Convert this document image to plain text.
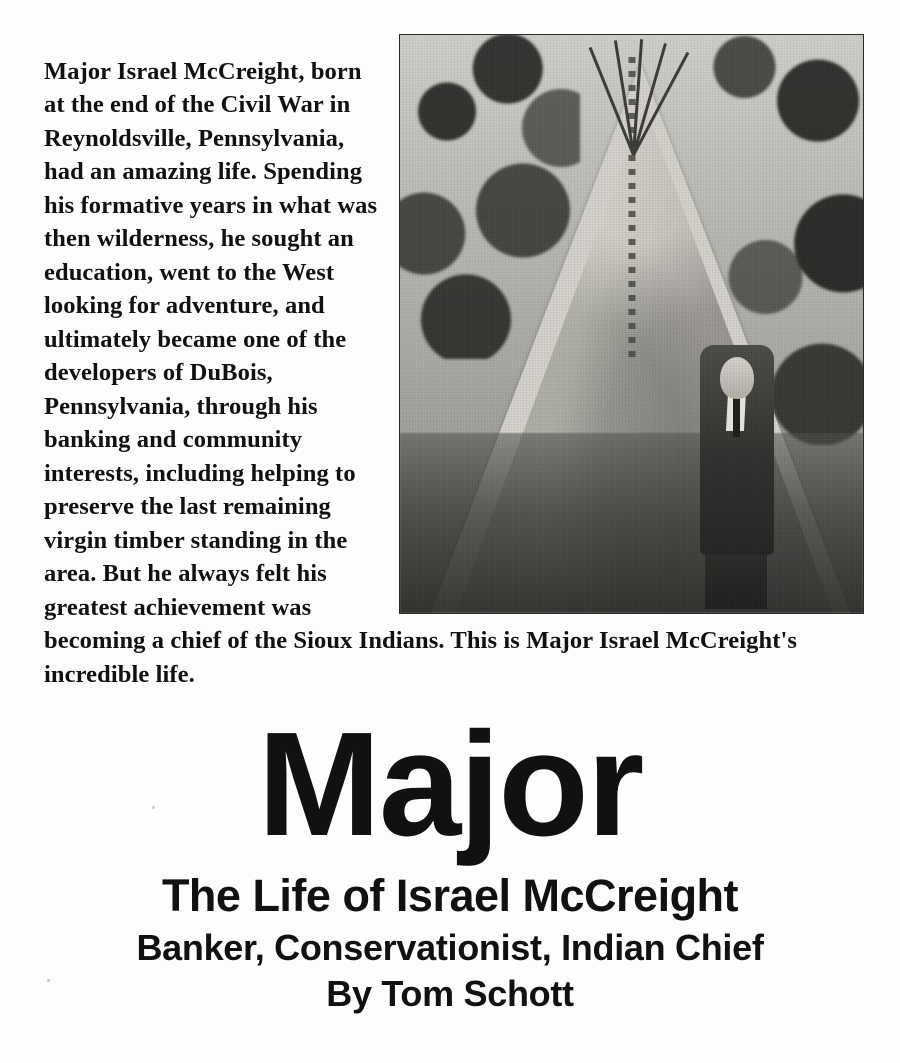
Major Israel McCreight, born at the end of the Civil War in Reynoldsville, Pennsylvania, had an amazing life. Spending his formative years in what was then wilderness, he sought an education, went to the West looking for adventure, and ultimately became one of the developers of DuBois, Pennsylvania, through his banking and community interests, including helping to preserve the last remaining virgin timber standing in the area. But he always felt his greatest achievement was becoming a chief of the Sioux Indians. This is Major Israel McCreight's incredible life.

Major

The Life of Israel McCreight

Banker, Conservationist, Indian Chief

By Tom Schott
